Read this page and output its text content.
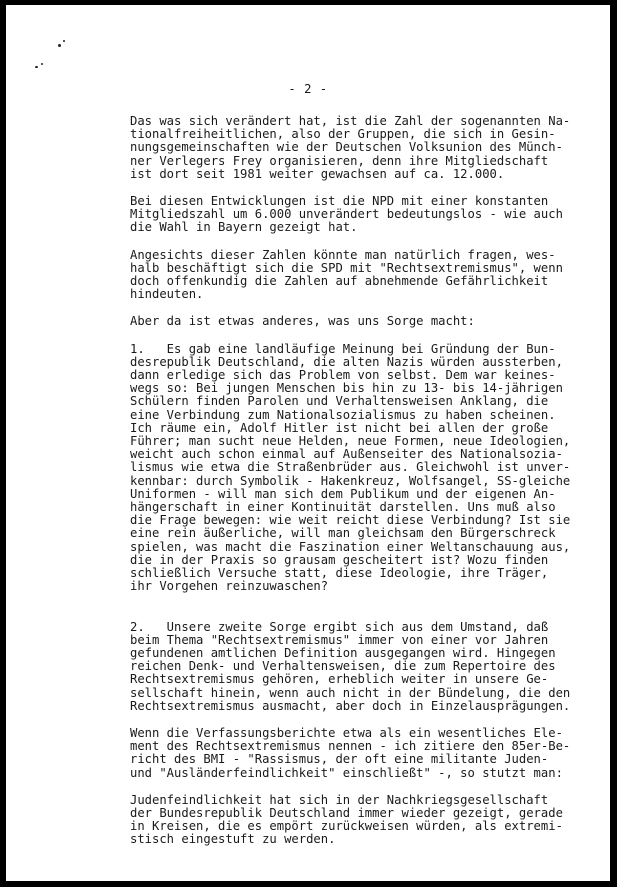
- 2 -

Das was sich verändert hat, ist die Zahl der sogenannten Na-
tionalfreiheitlichen, also der Gruppen, die sich in Gesin-
nungsgemeinschaften wie der Deutschen Volksunion des Münch-
ner Verlegers Frey organisieren, denn ihre Mitgliedschaft
ist dort seit 1981 weiter gewachsen auf ca. 12.000.

Bei diesen Entwicklungen ist die NPD mit einer konstanten
Mitgliedszahl um 6.000 unverändert bedeutungslos - wie auch
die Wahl in Bayern gezeigt hat.

Angesichts dieser Zahlen könnte man natürlich fragen, wes-
halb beschäftigt sich die SPD mit "Rechtsextremismus", wenn
doch offenkundig die Zahlen auf abnehmende Gefährlichkeit
hindeuten.

Aber da ist etwas anderes, was uns Sorge macht:

1.   Es gab eine landläufige Meinung bei Gründung der Bun-
desrepublik Deutschland, die alten Nazis würden aussterben,
dann erledige sich das Problem von selbst. Dem war keines-
wegs so: Bei jungen Menschen bis hin zu 13- bis 14-jährigen
Schülern finden Parolen und Verhaltensweisen Anklang, die
eine Verbindung zum Nationalsozialismus zu haben scheinen.
Ich räume ein, Adolf Hitler ist nicht bei allen der große
Führer; man sucht neue Helden, neue Formen, neue Ideologien,
weicht auch schon einmal auf Außenseiter des Nationalsozia-
lismus wie etwa die Straßenbrüder aus. Gleichwohl ist unver-
kennbar: durch Symbolik - Hakenkreuz, Wolfsangel, SS-gleiche
Uniformen - will man sich dem Publikum und der eigenen An-
hängerschaft in einer Kontinuität darstellen. Uns muß also
die Frage bewegen: wie weit reicht diese Verbindung? Ist sie
eine rein äußerliche, will man gleichsam den Bürgerschreck
spielen, was macht die Faszination einer Weltanschauung aus,
die in der Praxis so grausam gescheitert ist? Wozu finden
schließlich Versuche statt, diese Ideologie, ihre Träger,
ihr Vorgehen reinzuwaschen?

2.   Unsere zweite Sorge ergibt sich aus dem Umstand, daß
beim Thema "Rechtsextremismus" immer von einer vor Jahren
gefundenen amtlichen Definition ausgegangen wird. Hingegen
reichen Denk- und Verhaltensweisen, die zum Repertoire des
Rechtsextremismus gehören, erheblich weiter in unsere Ge-
sellschaft hinein, wenn auch nicht in der Bündelung, die den
Rechtsextremismus ausmacht, aber doch in Einzelausprägungen.

Wenn die Verfassungsberichte etwa als ein wesentliches Ele-
ment des Rechtsextremismus nennen - ich zitiere den 85er-Be-
richt des BMI - "Rassismus, der oft eine militante Juden-
und "Ausländerfeindlichkeit" einschließt" -, so stutzt man:

Judenfeindlichkeit hat sich in der Nachkriegsgesellschaft
der Bundesrepublik Deutschland immer wieder gezeigt, gerade
in Kreisen, die es empört zurückweisen würden, als extremi-
stisch eingestuft zu werden.
